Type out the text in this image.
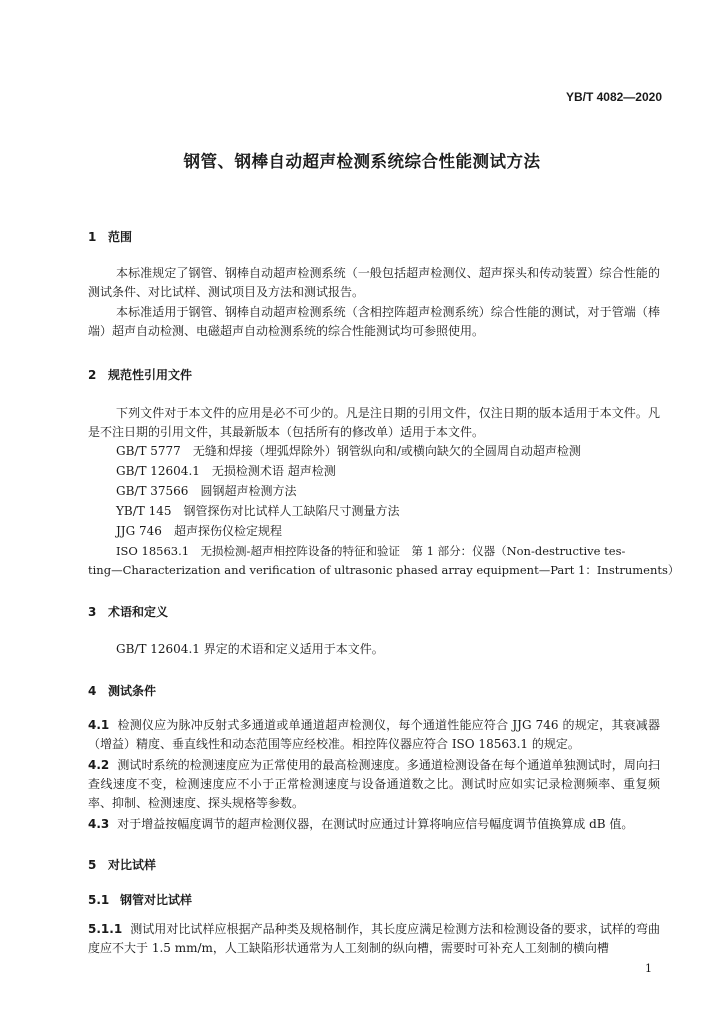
YB/T 4082—2020
钢管、钢棒自动超声检测系统综合性能测试方法
1 范围
本标准规定了钢管、钢棒自动超声检测系统（一般包括超声检测仪、超声探头和传动装置）综合性能的测试条件、对比试样、测试项目及方法和测试报告。
本标准适用于钢管、钢棒自动超声检测系统（含相控阵超声检测系统）综合性能的测试，对于管端（棒端）超声自动检测、电磁超声自动检测系统的综合性能测试均可参照使用。
2 规范性引用文件
下列文件对于本文件的应用是必不可少的。凡是注日期的引用文件，仅注日期的版本适用于本文件。凡是不注日期的引用文件，其最新版本（包括所有的修改单）适用于本文件。
GB/T 5777 无缝和焊接（埋弧焊除外）钢管纵向和/或横向缺欠的全圆周自动超声检测
GB/T 12604.1 无损检测术语 超声检测
GB/T 37566 圆钢超声检测方法
YB/T 145 钢管探伤对比试样人工缺陷尺寸测量方法
JJG 746 超声探伤仪检定规程
ISO 18563.1　无损检测-超声相控阵设备的特征和验证　第 1 部分：仪器（Non-destructive tes-
ting—Characterization and verification of ultrasonic phased array equipment—Part 1：Instruments）
3 术语和定义
GB/T 12604.1 界定的术语和定义适用于本文件。
4 测试条件
4.1 检测仪应为脉冲反射式多通道或单通道超声检测仪，每个通道性能应符合 JJG 746 的规定，其衰减器（增益）精度、垂直线性和动态范围等应经校准。相控阵仪器应符合 ISO 18563.1 的规定。
4.2 测试时系统的检测速度应为正常使用的最高检测速度。多通道检测设备在每个通道单独测试时，周向扫查线速度不变，检测速度应不小于正常检测速度与设备通道数之比。测试时应如实记录检测频率、重复频率、抑制、检测速度、探头规格等参数。
4.3 对于增益按幅度调节的超声检测仪器，在测试时应通过计算将响应信号幅度调节值换算成 dB 值。
5 对比试样
5.1 钢管对比试样
5.1.1 测试用对比试样应根据产品种类及规格制作，其长度应满足检测方法和检测设备的要求，试样的弯曲度应不大于 1.5 mm/m，人工缺陷形状通常为人工刻制的纵向槽，需要时可补充人工刻制的横向槽
1
